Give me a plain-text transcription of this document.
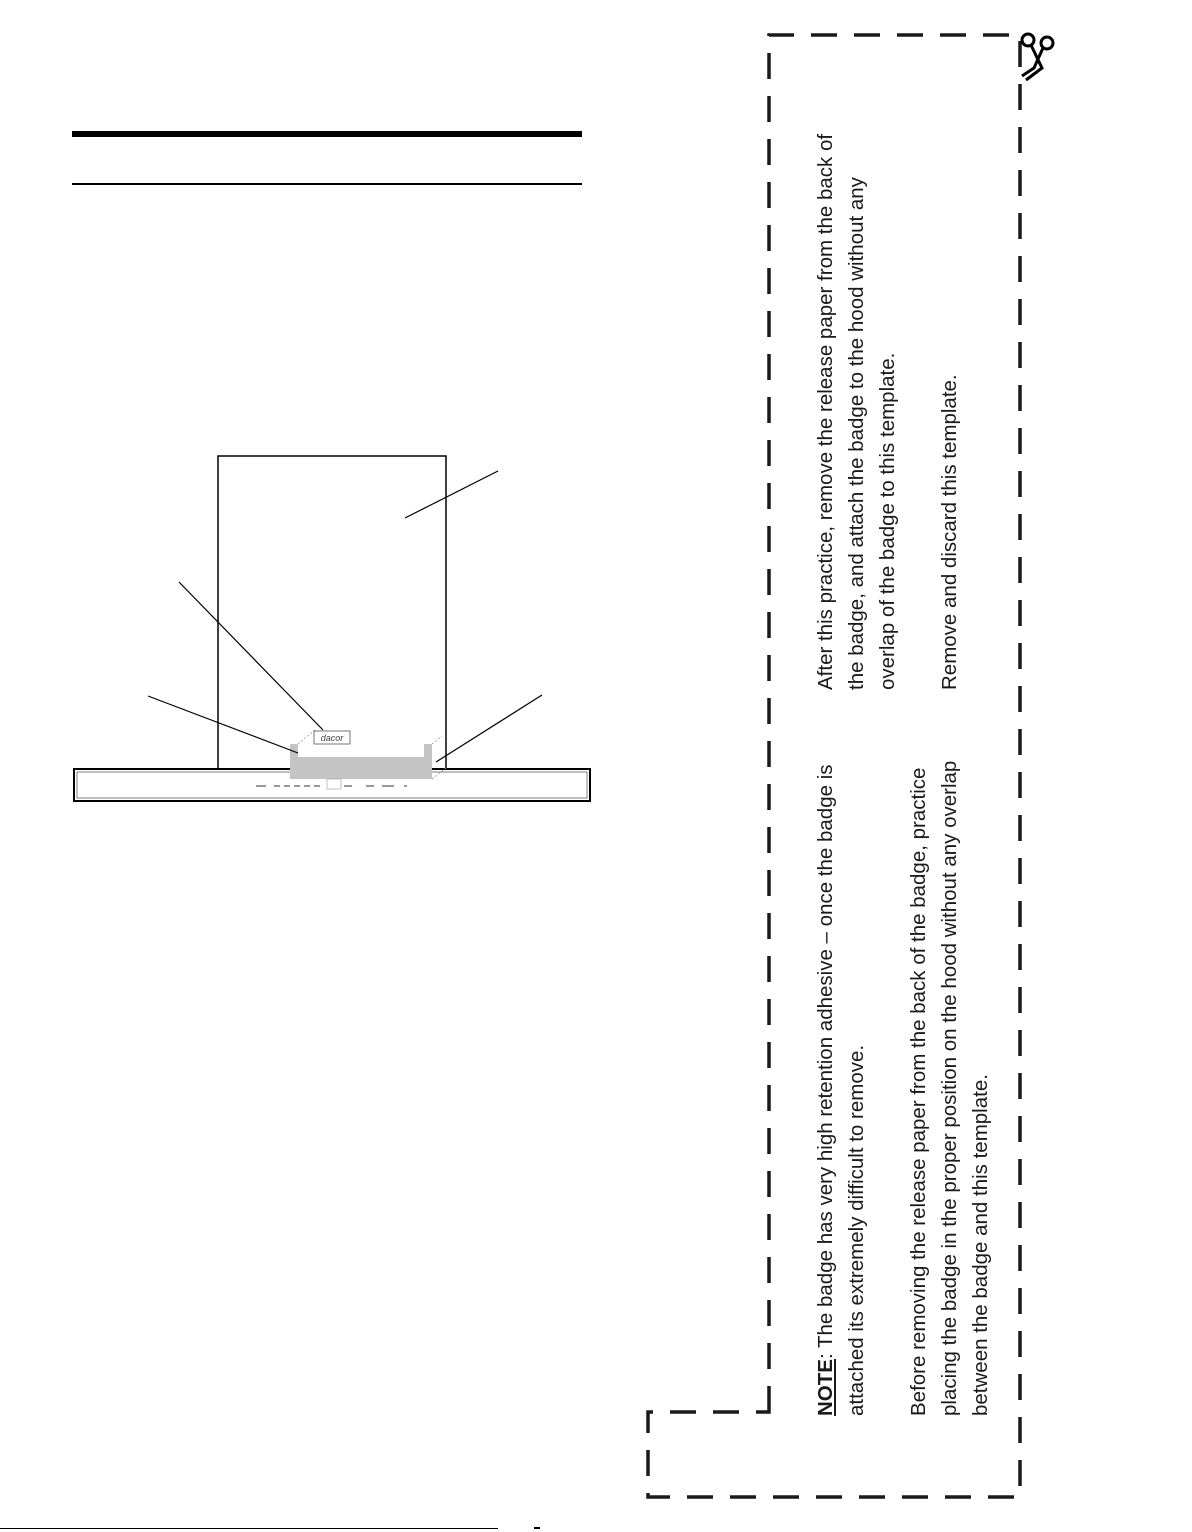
dacor

After this practice, remove the release paper from the back of the badge, and attach the badge to the hood without any overlap of the badge to this template. Remove and discard this template.

NOTE: The badge has very high retention adhesive – once the badge is attached its extremely difficult to remove. Before removing the release paper from the back of the badge, practice placing the badge in the proper position on the hood without any overlap between the badge and this template.
